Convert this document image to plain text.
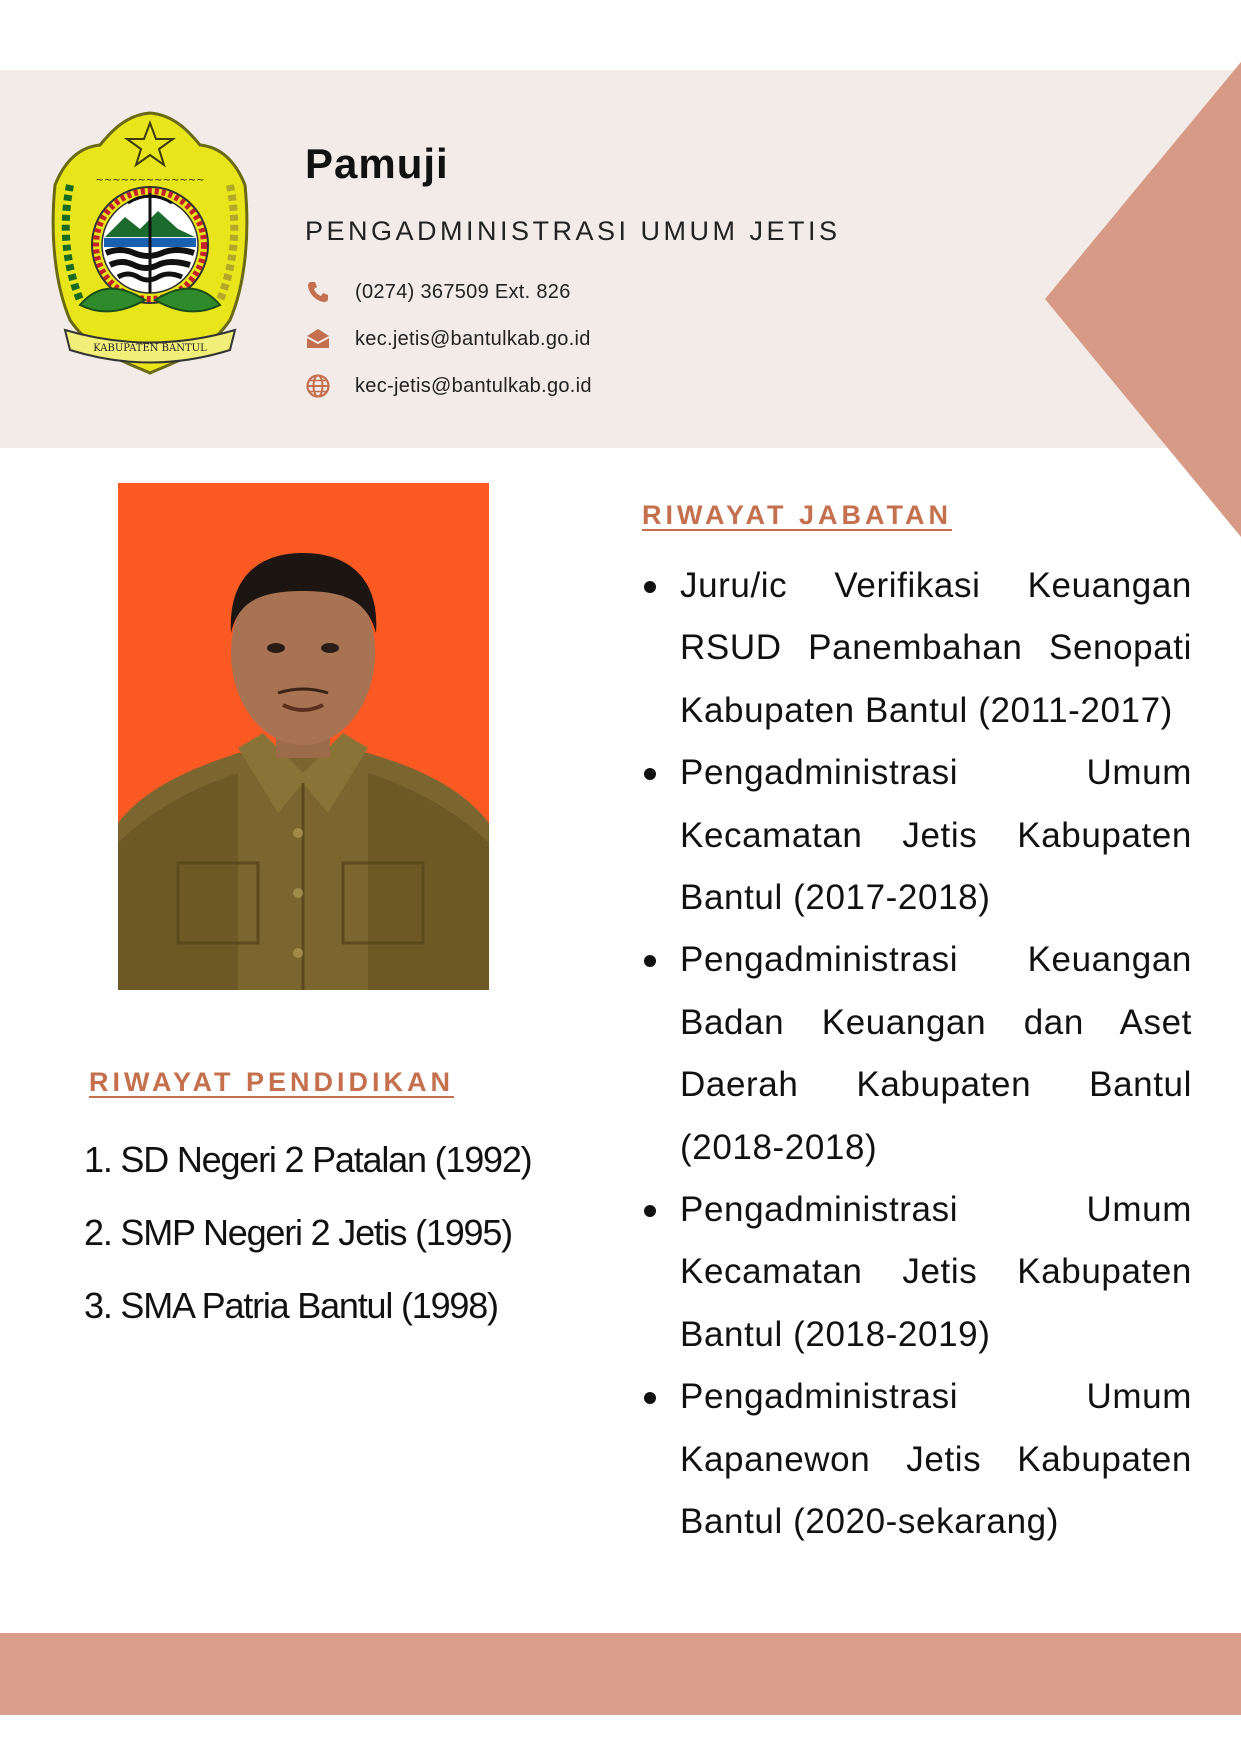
~~~~~~~~~~~~~
KABUPATEN BANTUL
Pamuji
PENGADMINISTRASI UMUM JETIS
(0274) 367509 Ext. 826
kec.jetis@bantulkab.go.id
kec-jetis@bantulkab.go.id
RIWAYAT PENDIDIKAN
1. SD Negeri 2 Patalan (1992)
2. SMP Negeri 2 Jetis (1995)
3. SMA Patria Bantul (1998)
RIWAYAT JABATAN
Juru/ic Verifikasi Keuangan RSUD Panembahan Senopati Kabupaten Bantul (2011-2017)
Pengadministrasi Umum Kecamatan Jetis Kabupaten Bantul (2017-2018)
Pengadministrasi Keuangan Badan Keuangan dan Aset Daerah Kabupaten Bantul (2018-2018)
Pengadministrasi Umum Kecamatan Jetis Kabupaten Bantul (2018-2019)
Pengadministrasi Umum Kapanewon Jetis Kabupaten Bantul (2020-sekarang)
